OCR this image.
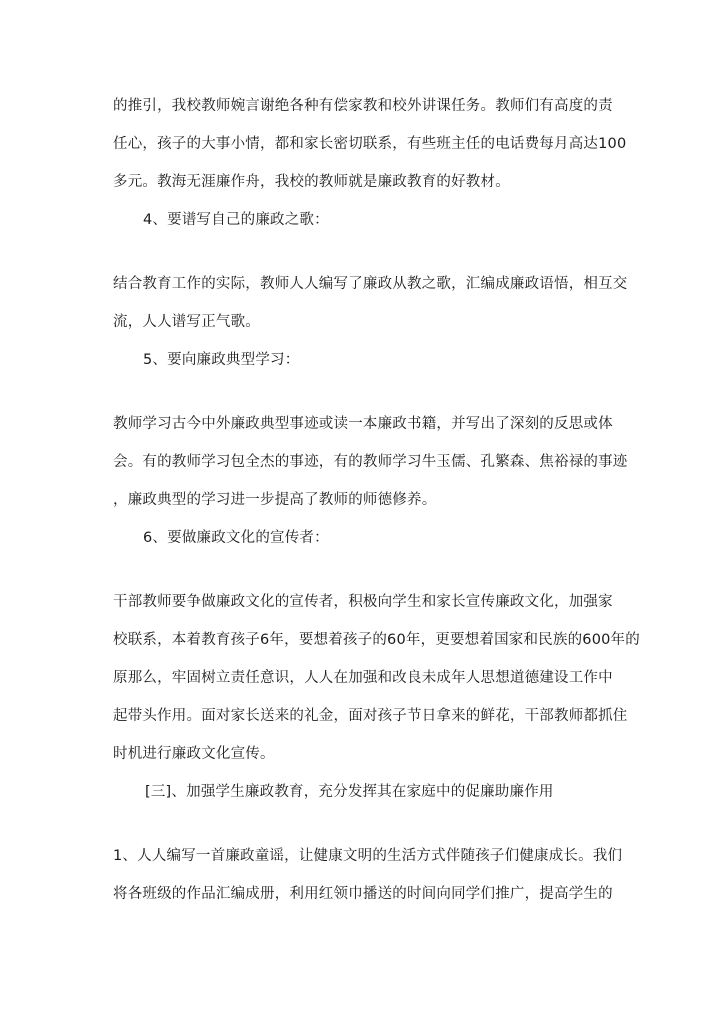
的推引，我校教师婉言谢绝各种有偿家教和校外讲课任务。教师们有高度的责
任心，孩子的大事小情，都和家长密切联系，有些班主任的电话费每月高达100
多元。教海无涯廉作舟，我校的教师就是廉政教育的好教材。
4、要谱写自己的廉政之歌：
结合教育工作的实际，教师人人编写了廉政从教之歌，汇编成廉政语悟，相互交
流，人人谱写正气歌。
5、要向廉政典型学习：
教师学习古今中外廉政典型事迹或读一本廉政书籍，并写出了深刻的反思或体
会。有的教师学习包全杰的事迹，有的教师学习牛玉儒、孔繁森、焦裕禄的事迹
，廉政典型的学习进一步提高了教师的师德修养。
6、要做廉政文化的宣传者：
干部教师要争做廉政文化的宣传者，积极向学生和家长宣传廉政文化，加强家
校联系，本着教育孩子6年，要想着孩子的60年，更要想着国家和民族的600年的
原那么，牢固树立责任意识，人人在加强和改良未成年人思想道德建设工作中
起带头作用。面对家长送来的礼金，面对孩子节日拿来的鲜花，干部教师都抓住
时机进行廉政文化宣传。
[三]、加强学生廉政教育，充分发挥其在家庭中的促廉助廉作用
1、人人编写一首廉政童谣，让健康文明的生活方式伴随孩子们健康成长。我们
将各班级的作品汇编成册，利用红领巾播送的时间向同学们推广，提高学生的
